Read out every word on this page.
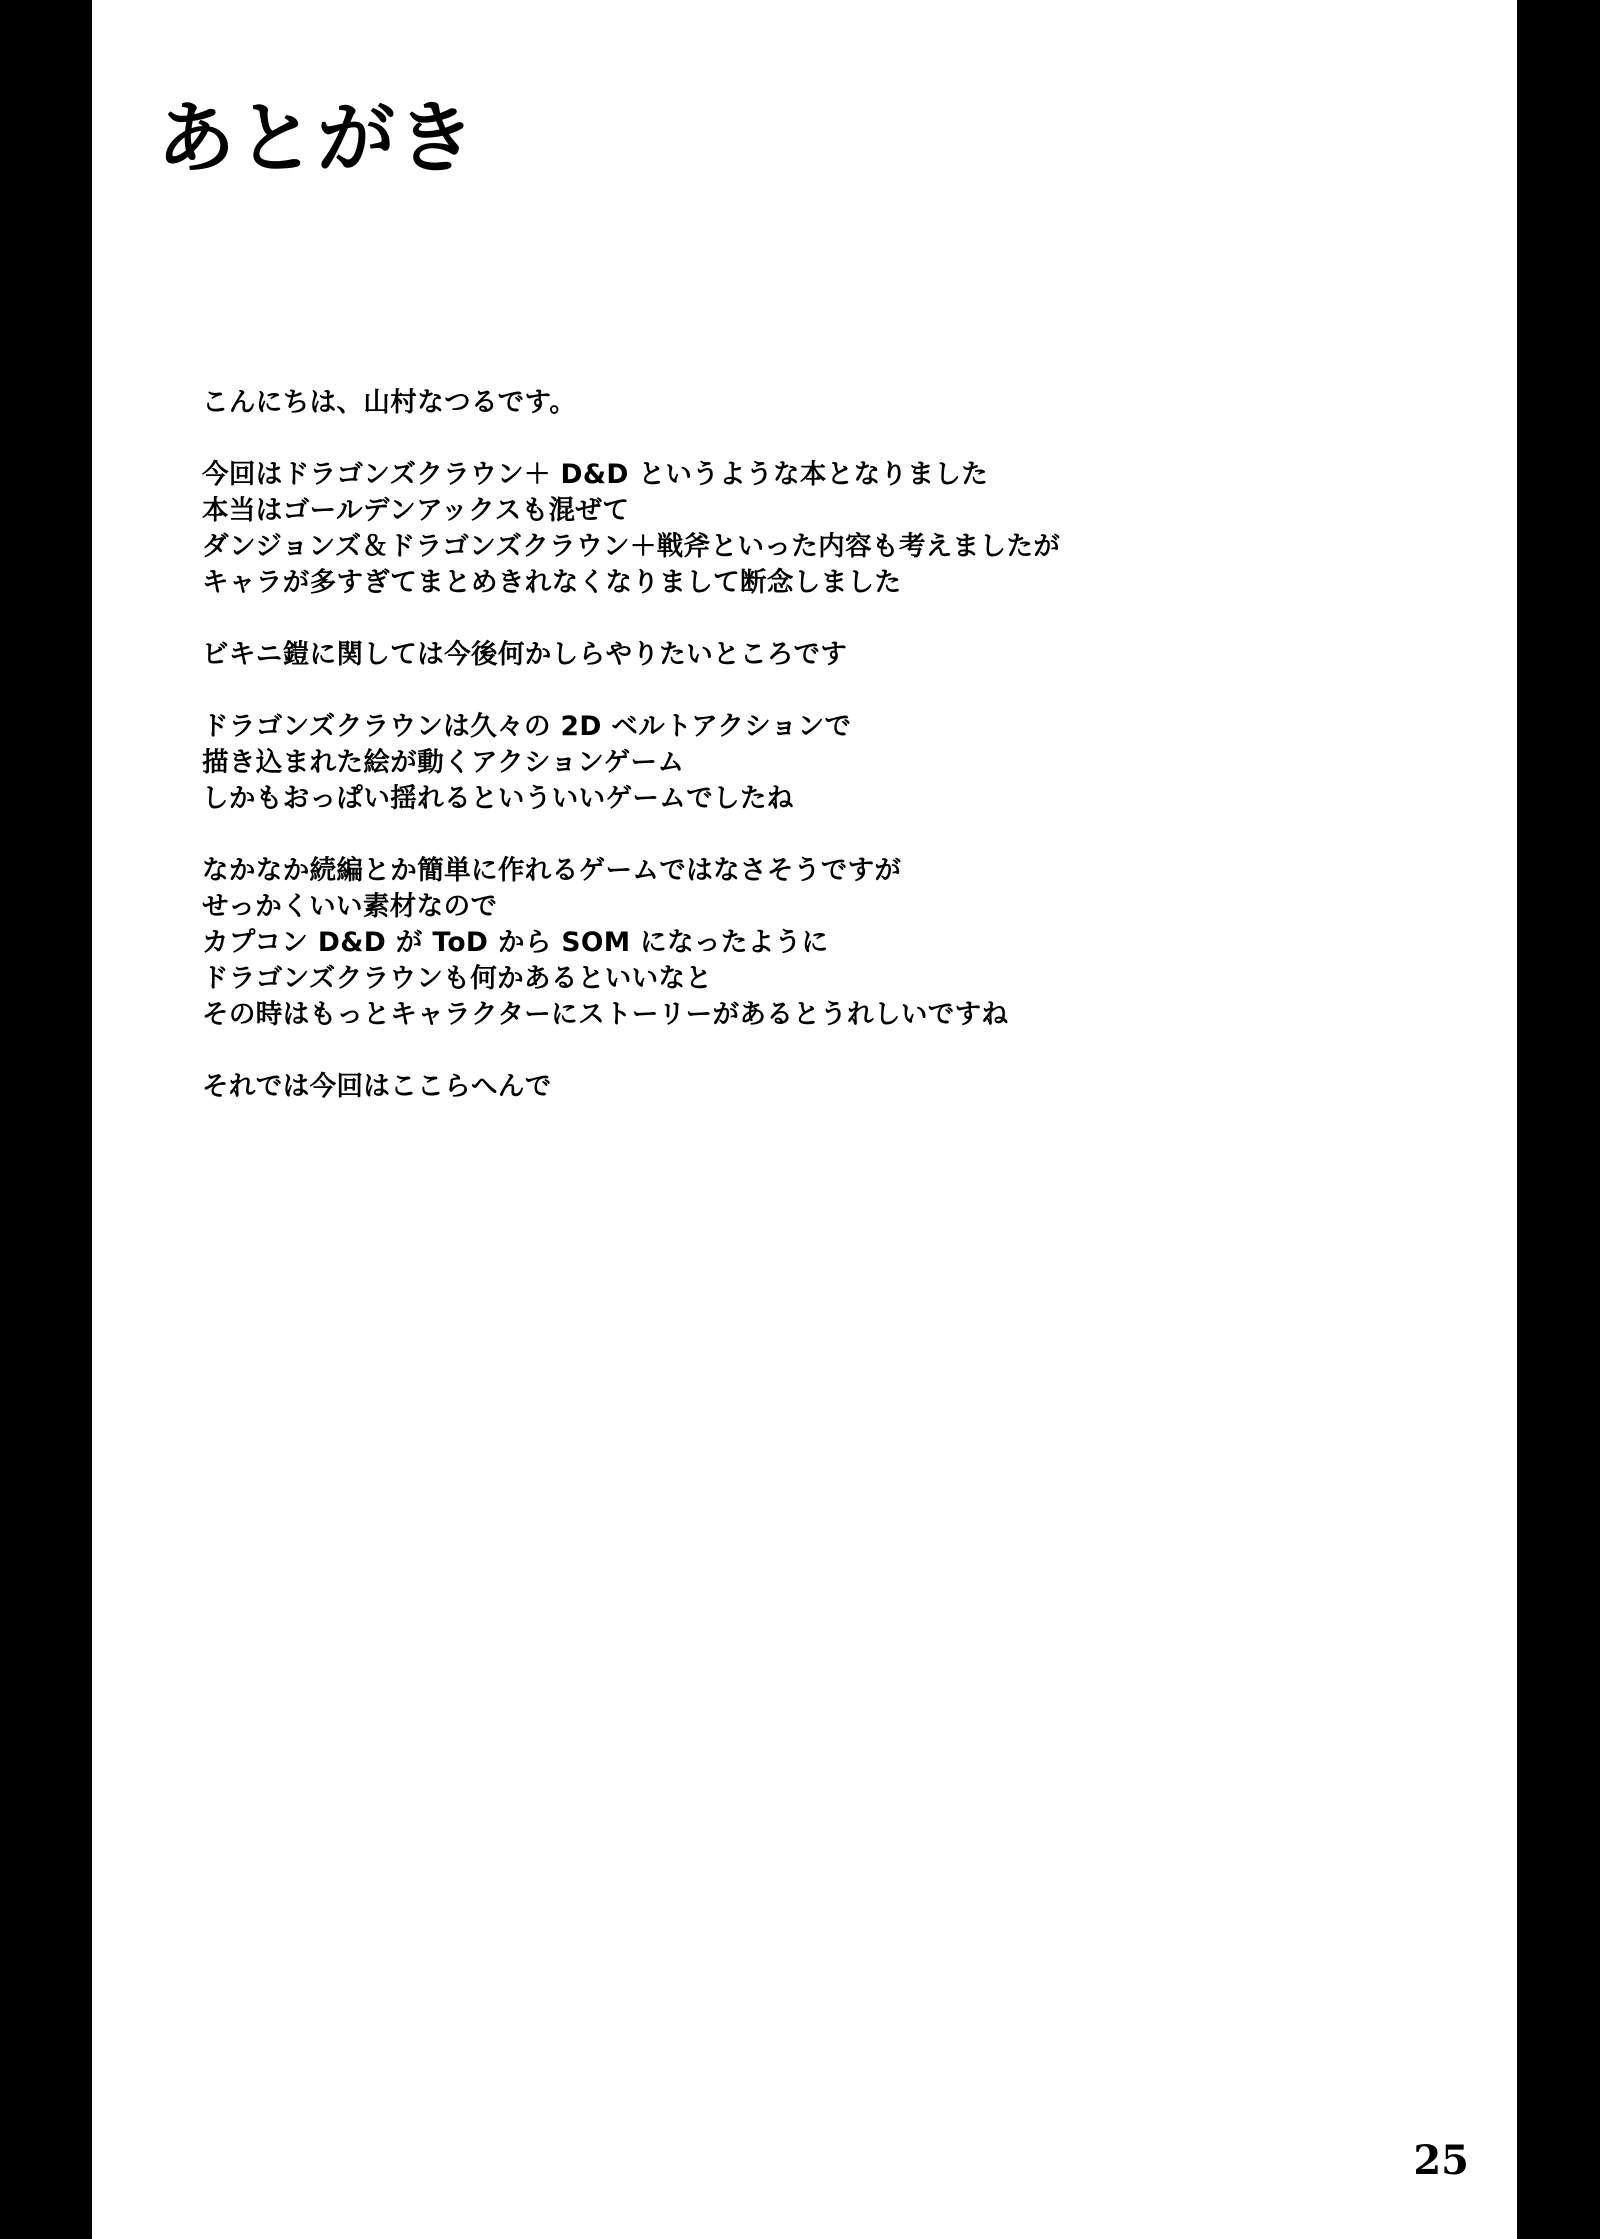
あとがき
こんにちは、山村なつるです。
今回はドラゴンズクラウン＋ D&D というような本となりました
本当はゴールデンアックスも混ぜて
ダンジョンズ＆ドラゴンズクラウン＋戦斧といった内容も考えましたが
キャラが多すぎてまとめきれなくなりまして断念しました
ビキニ鎧に関しては今後何かしらやりたいところです
ドラゴンズクラウンは久々の 2D ベルトアクションで
描き込まれた絵が動くアクションゲーム
しかもおっぱい揺れるといういいゲームでしたね
なかなか続編とか簡単に作れるゲームではなさそうですが
せっかくいい素材なので
カプコン D&D が ToD から SOM になったように
ドラゴンズクラウンも何かあるといいなと
その時はもっとキャラクターにストーリーがあるとうれしいですね
それでは今回はここらへんで
25
